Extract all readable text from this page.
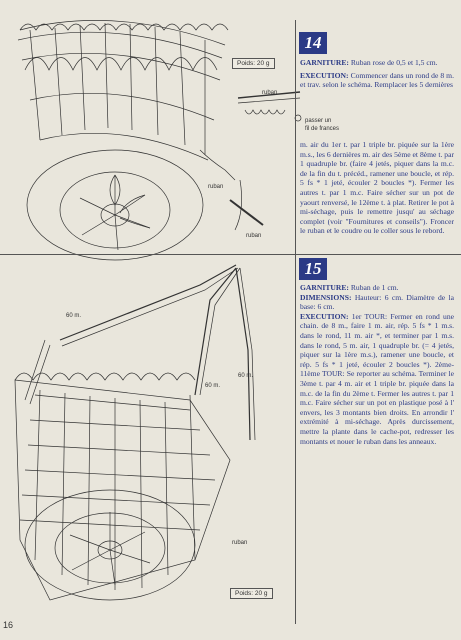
14
Poids: 20 g
ruban
passer un
fil de frances
ruban
ruban

GARNITURE: Ruban rose de 0,5 et 1,5 cm.

EXECUTION: Commencer dans un rond de 8 m. et trav. selon le schéma. Remplacer les 5 dernières

m. air du 1er t. par 1 triple br. piquée sur la 1ère m.s., les 6 dernières m. air des 5ème et 8ème t. par 1 quadruple br. (faire 4 jetés, piquer dans la m.c. de la fin du t. précéd., ramener une boucle, et rép. 5 fs * 1 jeté, écouler 2 boucles *). Fermer les autres t. par 1 m.c. Faire sécher sur un pot de yaourt renversé, le 12ème t. à plat. Retirer le pot à mi-séchage, puis le remettre jusqu' au séchage complet (voir "Fournitures et conseils"). Froncer le ruban et le coudre ou le coller sous le rebord.

15
60 m.
60 m.
60 m.
ruban
Poids: 20 g

GARNITURE: Ruban de 1 cm.

DIMENSIONS: Hauteur: 6 cm. Diamètre de la base: 6 cm.

EXECUTION: 1er TOUR: Fermer en rond une chain. de 8 m., faire 1 m. air, rép. 5 fs * 1 m.s. dans le rond, 11 m. air *, et terminer par 1 m.s. dans le rond, 5 m. air, 1 quadruple br. (= 4 jetés, piquer sur la 1ère m.s.), ramener une boucle, et rép. 5 fs * 1 jeté, écouler 2 boucles *). 2ème- 11ème TOUR: Se reporter au schéma. Terminer le 3ème t. par 4 m. air et 1 triple br. piquée dans la m.c. de la fin du 2ème t. Fermer les autres t. par 1 m.c. Faire sécher sur un pot en plastique posé à l' envers, les 3 montants bien droits. En arrondir l' extrémité à mi-séchage. Après durcissement, mettre la plante dans le cache-pot, redresser les montants et nouer le ruban dans les anneaux.

16
